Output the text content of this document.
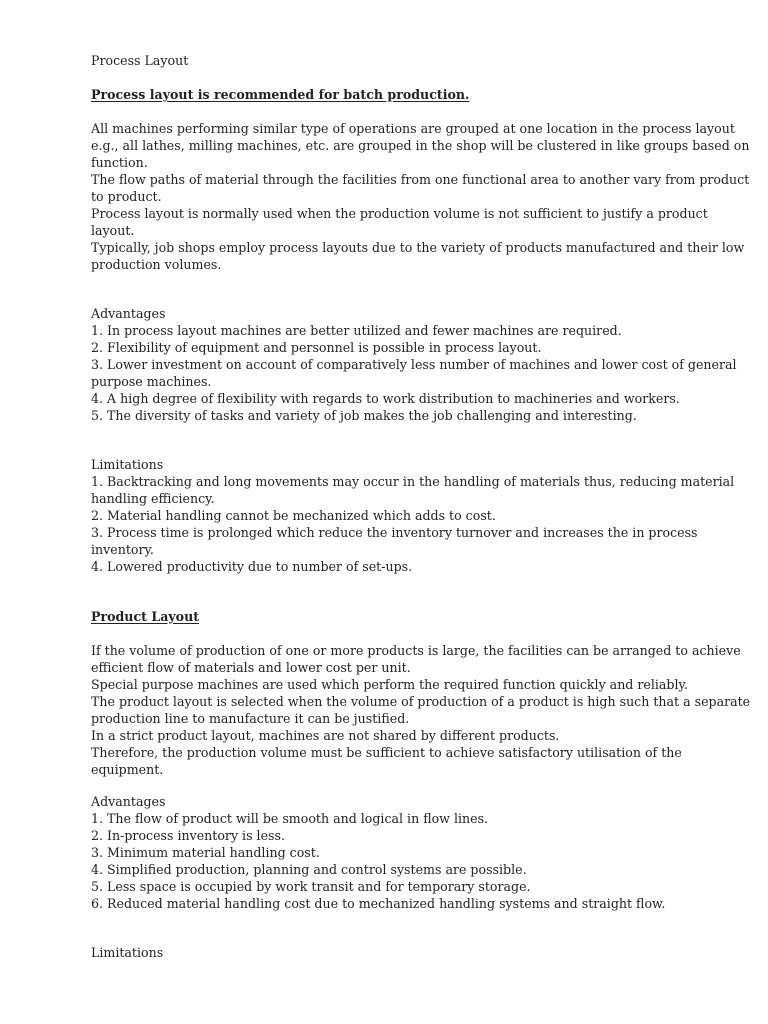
Process Layout

Process layout is recommended for batch production.

All machines performing similar type of operations are grouped at one location in the process layout

e.g., all lathes, milling machines, etc. are grouped in the shop will be clustered in like groups based on

function.

The flow paths of material through the facilities from one functional area to another vary from product

to product.

Process layout is normally used when the production volume is not sufficient to justify a product

layout.

Typically, job shops employ process layouts due to the variety of products manufactured and their low

production volumes.

Advantages

1. In process layout machines are better utilized and fewer machines are required.

2. Flexibility of equipment and personnel is possible in process layout.

3. Lower investment on account of comparatively less number of machines and lower cost of general

purpose machines.

4. A high degree of flexibility with regards to work distribution to machineries and workers.

5. The diversity of tasks and variety of job makes the job challenging and interesting.

Limitations

1. Backtracking and long movements may occur in the handling of materials thus, reducing material

handling efficiency.

2. Material handling cannot be mechanized which adds to cost.

3. Process time is prolonged which reduce the inventory turnover and increases the in process

inventory.

4. Lowered productivity due to number of set-ups.

Product Layout

If the volume of production of one or more products is large, the facilities can be arranged to achieve

efficient flow of materials and lower cost per unit.

Special purpose machines are used which perform the required function quickly and reliably.

The product layout is selected when the volume of production of a product is high such that a separate

production line to manufacture it can be justified.

In a strict product layout, machines are not shared by different products.

Therefore, the production volume must be sufficient to achieve satisfactory utilisation of the

equipment.

Advantages

1. The flow of product will be smooth and logical in flow lines.

2. In-process inventory is less.

3. Minimum material handling cost.

4. Simplified production, planning and control systems are possible.

5. Less space is occupied by work transit and for temporary storage.

6. Reduced material handling cost due to mechanized handling systems and straight flow.

Limitations
